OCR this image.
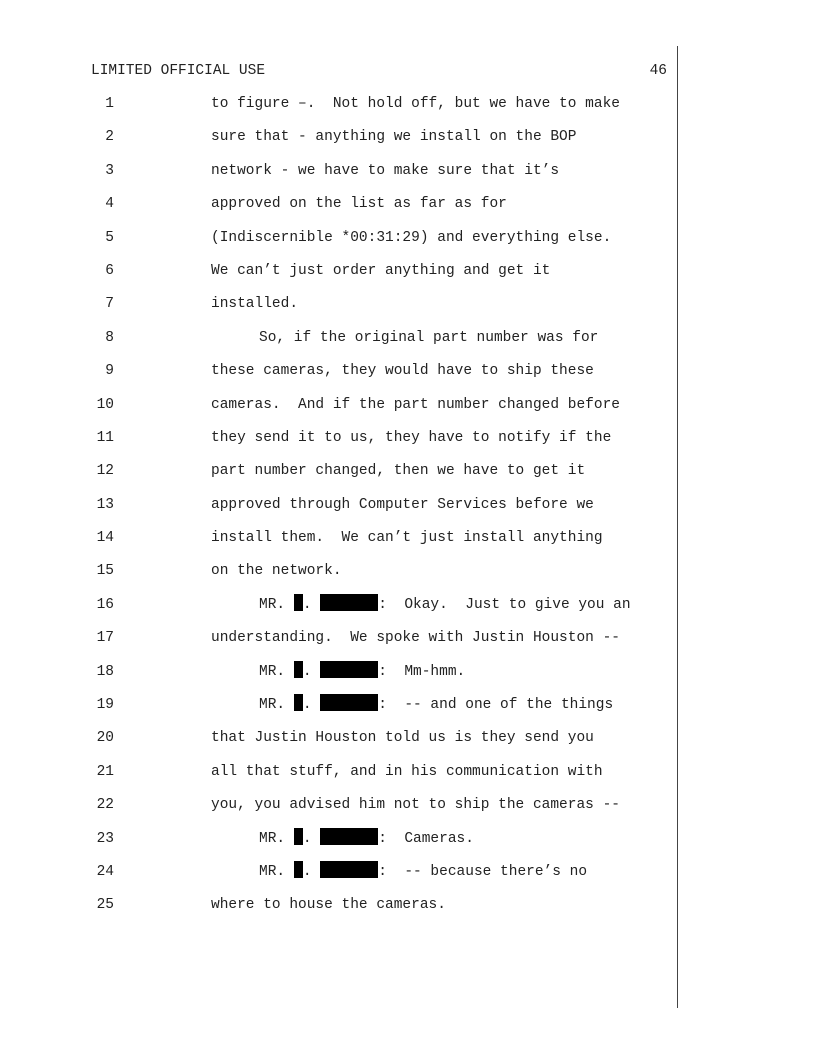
LIMITED OFFICIAL USE	46
1	to figure –.  Not hold off, but we have to make
2	sure that - anything we install on the BOP
3	network - we have to make sure that it’s
4	approved on the list as far as for
5	(Indiscernible *00:31:29) and everything else.
6	We can’t just order anything and get it
7	installed.
8	So, if the original part number was for
9	these cameras, they would have to ship these
10	cameras.  And if the part number changed before
11	they send it to us, they have to notify if the
12	part number changed, then we have to get it
13	approved through Computer Services before we
14	install them.  We can’t just install anything
15	on the network.
16	MR. .	:  Okay.  Just to give you an
17	understanding.  We spoke with Justin Houston --
18	MR. .	:  Mm-hmm.
19	MR. .	:  -- and one of the things
20	that Justin Houston told us is they send you
21	all that stuff, and in his communication with
22	you, you advised him not to ship the cameras --
23	MR. .	:  Cameras.
24	MR. .	:  -- because there’s no
25	where to house the cameras.
